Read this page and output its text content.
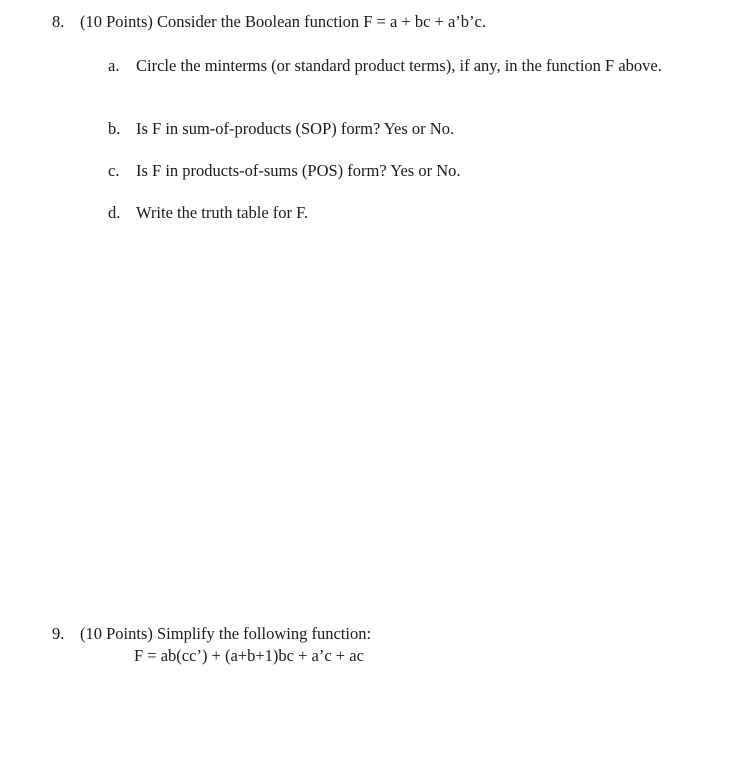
8. (10 Points) Consider the Boolean function F = a + bc + a’b’c.
a. Circle the minterms (or standard product terms), if any, in the function F above.
b. Is F in sum-of-products (SOP) form? Yes or No.
c. Is F in products-of-sums (POS) form? Yes or No.
d. Write the truth table for F.
9. (10 Points) Simplify the following function:
F = ab(cc’) + (a+b+1)bc + a’c + ac
